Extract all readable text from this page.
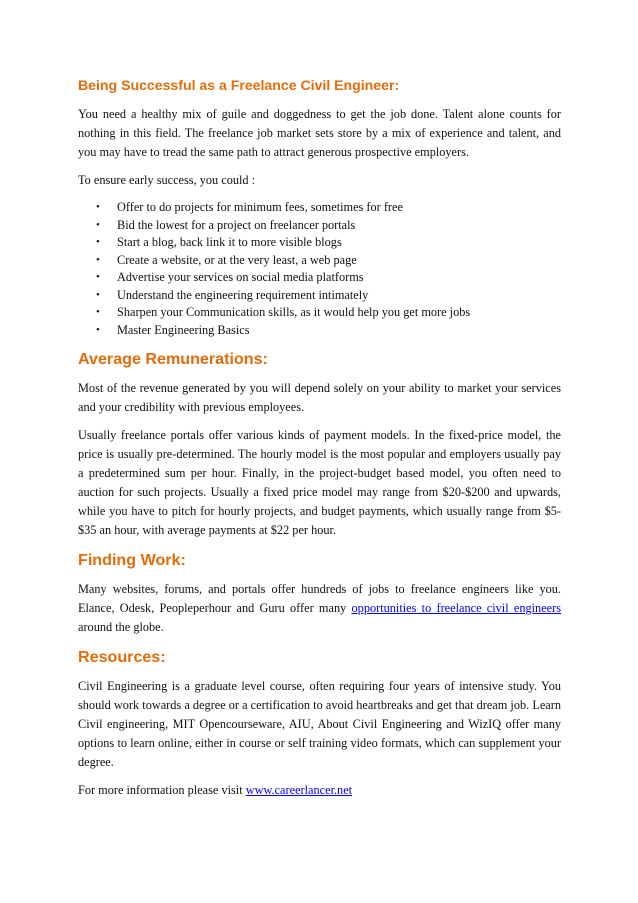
Being Successful as a Freelance Civil Engineer:

You need a healthy mix of guile and doggedness to get the job done. Talent alone counts for nothing in this field. The freelance job market sets store by a mix of experience and talent, and you may have to tread the same path to attract generous prospective employers.

To ensure early success, you could :

• Offer to do projects for minimum fees, sometimes for free
• Bid the lowest for a project on freelancer portals
• Start a blog, back link it to more visible blogs
• Create a website, or at the very least, a web page
• Advertise your services on social media platforms
• Understand the engineering requirement intimately
• Sharpen your Communication skills, as it would help you get more jobs
• Master Engineering Basics
Average Remunerations:

Most of the revenue generated by you will depend solely on your ability to market your services and your credibility with previous employees.

Usually freelance portals offer various kinds of payment models. In the fixed-price model, the price is usually pre-determined. The hourly model is the most popular and employers usually pay a predetermined sum per hour. Finally, in the project-budget based model, you often need to auction for such projects. Usually a fixed price model may range from $20-$200 and upwards, while you have to pitch for hourly projects, and budget payments, which usually range from $5- $35 an hour, with average payments at $22 per hour.

Finding Work:

Many websites, forums, and portals offer hundreds of jobs to freelance engineers like you. Elance, Odesk, Peopleperhour and Guru offer many opportunities to freelance civil engineers around the globe.

Resources:

Civil Engineering is a graduate level course, often requiring four years of intensive study. You should work towards a degree or a certification to avoid heartbreaks and get that dream job. Learn Civil engineering, MIT Opencourseware, AIU, About Civil Engineering and WizIQ offer many options to learn online, either in course or self training video formats, which can supplement your degree.

For more information please visit www.careerlancer.net
